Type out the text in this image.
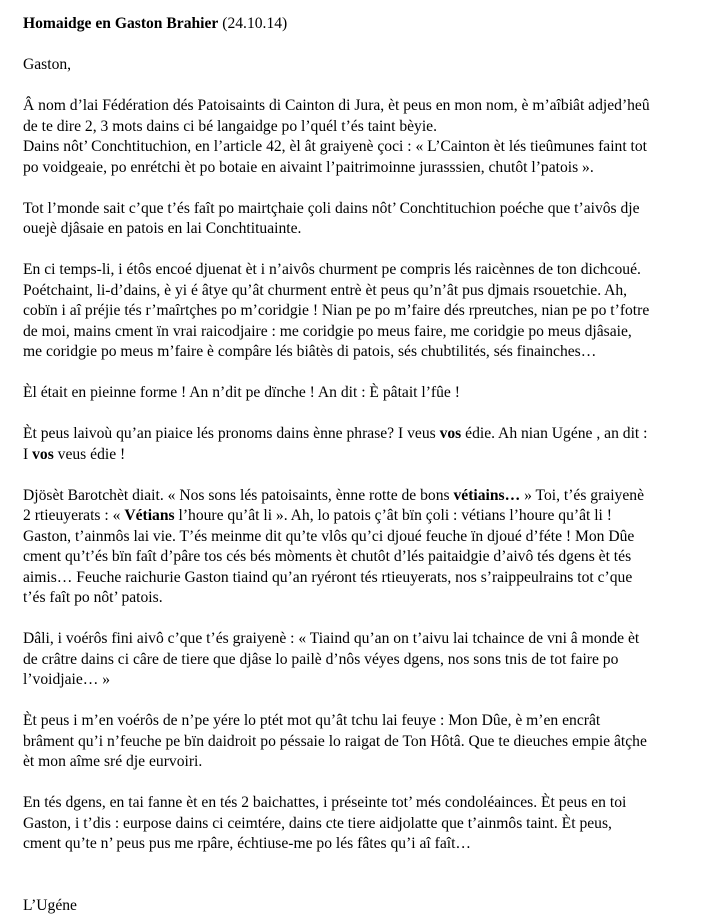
Homaidge en Gaston Brahier (24.10.14)
Gaston,
Â nom d’lai Fédération dés Patoisaints di Cainton di Jura, èt peus en mon nom, è m’aîbiât adjed’heû
de te dire 2, 3 mots dains ci bé langaidge po l’quél t’és taint bèyie.
Dains nôt’ Conchtituchion, en l’article 42, èl ât graiyenè çoci : « L’Cainton èt lés tieûmunes faint tot
po voidgeaie, po enrétchi èt po botaie en aivaint l’paitrimoinne jurasssien, chutôt l’patois ».
Tot l’monde sait c’que t’és faît po mairtçhaie çoli dains nôt’ Conchtituchion poéche que t’aivôs dje
ouejè djâsaie en patois en lai Conchtituainte.
En ci temps-li, i étôs encoé djuenat èt i n’aivôs churment pe compris lés raicènnes de ton dichcoué.
Poétchaint, li-d’dains, è yi é âtye qu’ât churment entrè èt peus qu’n’ât pus djmais rsouetchie. Ah,
cobïn i aî préjie tés r’maîrtçhes po m’coridgie ! Nian pe po m’faire dés rpreutches, nian pe po t’fotre
de moi, mains cment ïn vrai raicodjaire : me coridgie po meus faire, me coridgie po meus djâsaie,
me coridgie po meus m’faire è compâre lés biâtès di patois, sés chubtilités, sés finainches…
Èl était en pieinne forme ! An n’dit pe dïnche ! An dit : È pâtait l’fûe !
Èt peus laivoù qu’an piaice lés pronoms dains ènne phrase? I veus vos édie. Ah nian Ugéne , an dit :
I vos veus édie !
Djösèt Barotchèt diait. « Nos sons lés patoisaints, ènne rotte de bons vétiains… » Toi, t’és graiyenè
2 rtieuyerats : « Vétians l’houre qu’ât li ». Ah, lo patois ç’ât bïn çoli : vétians l’houre qu’ât li !
Gaston, t’ainmôs lai vie. T’és meinme dit qu’te vlôs qu’ci djoué feuche ïn djoué d’féte ! Mon Dûe
cment qu’t’és bïn faît d’pâre tos cés bés mòments èt chutôt d’lés paitaidgie d’aivô tés dgens èt tés
aimis… Feuche raichurie Gaston tiaind qu’an ryéront tés rtieuyerats, nos s’raippeulrains tot c’que
t’és faît po nôt’ patois.
Dâli, i voérôs fini aivô c’que t’és graiyenè : « Tiaind qu’an on t’aivu lai tchaince de vni â monde èt
de crâtre dains ci câre de tiere que djâse lo pailè d’nôs véyes dgens, nos sons tnis de tot faire po
l’voidjaie… »
Èt peus i m’en voérôs de n’pe yére lo ptét mot qu’ât tchu lai feuye : Mon Dûe, è m’en encrât
brâment qu’i n’feuche pe bïn daidroit po péssaie lo raigat de Ton Hôtâ. Que te dieuches empie âtçhe
èt mon aîme sré dje eurvoiri.
En tés dgens, en tai fanne èt en tés 2 baichattes, i préseinte tot’ més condoléainces. Èt peus en toi
Gaston, i t’dis : eurpose dains ci ceimtére, dains cte tiere aidjolatte que t’ainmôs taint. Èt peus,
cment qu’te n’ peus pus me rpâre, échtiuse-me po lés fâtes qu’i aî faît…
L’Ugéne
